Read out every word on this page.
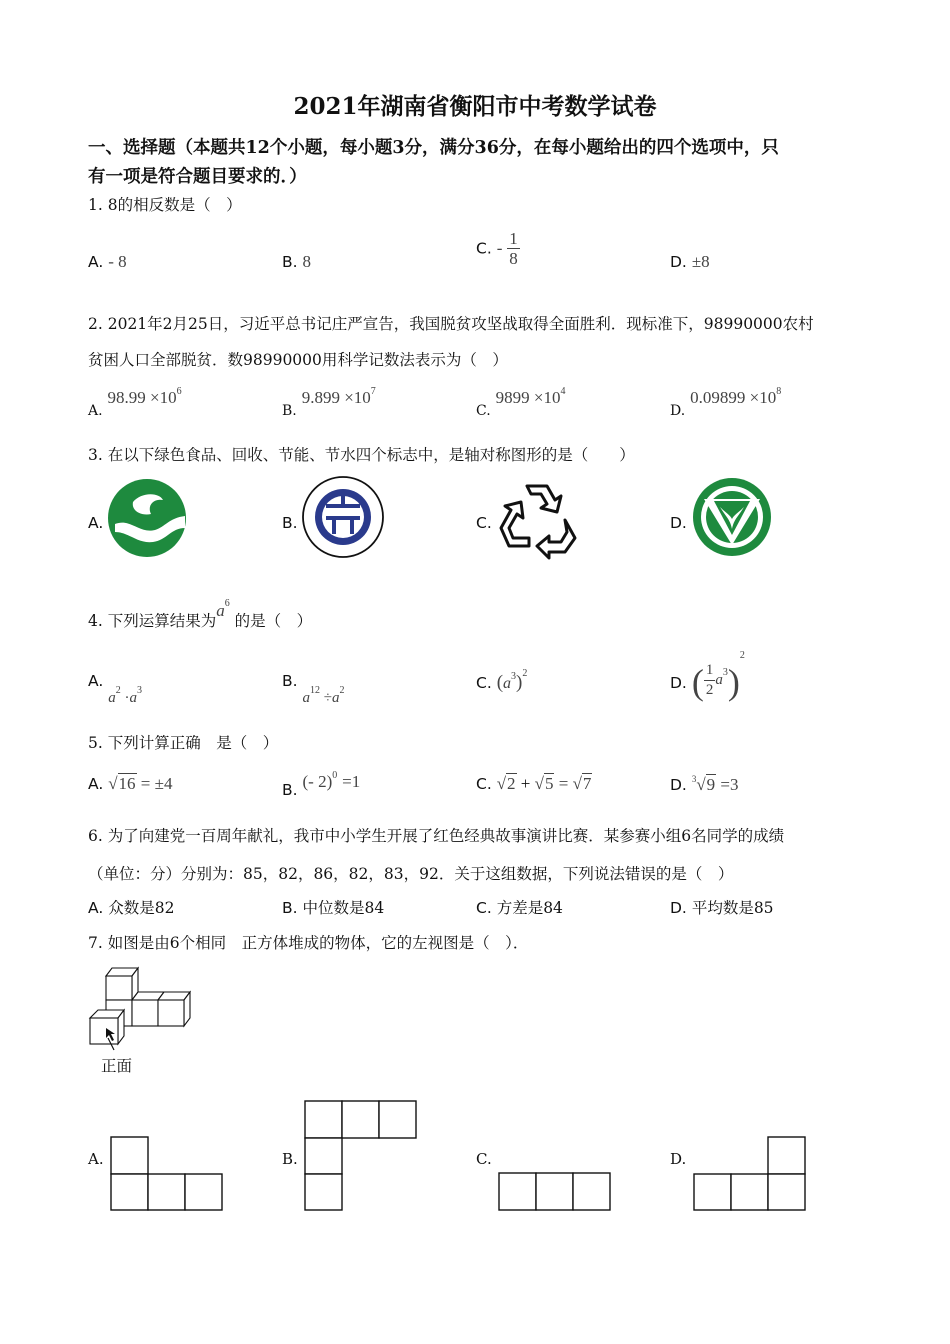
2021年湖南省衡阳市中考数学试卷
一、选择题（本题共12个小题，每小题3分，满分36分，在每小题给出的四个选项中，只
有一项是符合题目要求的．）
1. 8的相反数是（　）
A. - 8	B. 8
C. - $\frac{1}{8}$	D. ±8
2. 2021年2月25日，习近平总书记庄严宣告，我国脱贫攻坚战取得全面胜利．现标准下，98990000农村
贫困人口全部脱贫．数98990000用科学记数法表示为（　）
A. $98.99 \times 10^6$
B. $9.899 \times 10^7$
C. $9899 \times 10^4$
D. $0.09899 \times 10^8$
3. 在以下绿色食品、回收、节能、节水四个标志中，是轴对称图形的是（　　）
A.	B.	C.	D.
4. 下列运算结果为$a^6$ 的是（　）
A. $a^2 \cdot a^3$
B. $a^{12} \div a^2$	C. $(a^3)^2$
D. ( $\frac{1}{2} a^3)^2$
5. 下列计算正确　是（　）
A. √16 = ±4	B. (- 2)$^0$ =1	C. √2 + √5 = √7	D. $^3$√9 =3
6. 为了向建党一百周年献礼，我市中小学生开展了红色经典故事演讲比赛．某参赛小组6名同学的成绩
（单位：分）分别为：85，82，86，82，83，92．关于这组数据，下列说法错误的是（　）
A. 众数是82	B. 中位数是84	C. 方差是84	D. 平均数是85
7. 如图是由6个相同　正方体堆成的物体，它的左视图是（　）．
正面
A.	B.	C.	D.
